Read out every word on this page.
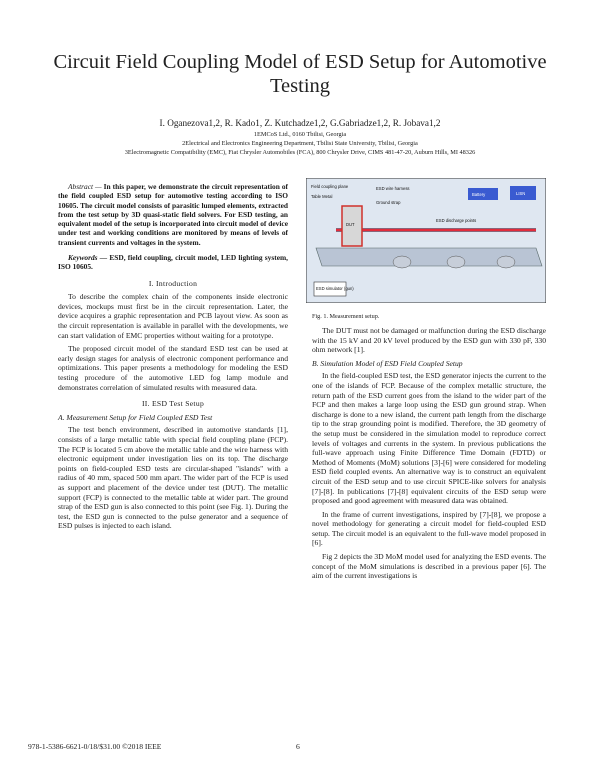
Circuit Field Coupling Model of ESD Setup for Automotive Testing
I. Oganezova1,2, R. Kado1, Z. Kutchadze1,2, G.Gabriadze1,2, R. Jobava1,2
1EMCoS Ltd., 0160 Tbilisi, Georgia
2Electrical and Electronics Engineering Department, Tbilisi State University, Tbilisi, Georgia
3Electromagnetic Compatibility (EMC), Fiat Chrysler Automobiles (FCA), 800 Chrysler Drive, CIMS 481-47-20, Auburn Hills, MI 48326
Abstract — In this paper, we demonstrate the circuit representation of the field coupled ESD setup for automotive testing according to ISO 10605. The circuit model consists of parasitic lumped elements, extracted from the test setup by 3D quasi-static field solvers. For ESD testing, an equivalent model of the setup is incorporated into circuit model of device under test and working conditions are monitored by means of levels of transient currents and voltages in the system.
Keywords — ESD, field coupling, circuit model, LED lighting system, ISO 10605.
I. Introduction

To describe the complex chain of the components inside electronic devices, mockups must first be in the circuit representation. Later, the device acquires a graphic representation and PCB layout view. As soon as the circuit representation is available in parallel with the developments, we can start validation of EMC properties without waiting for a prototype.

The proposed circuit model of the standard ESD test can be used at early design stages for analysis of electronic component performance and optimizations. This paper presents a methodology for modeling the ESD testing procedure of the automotive LED fog lamp module and demonstrates correlation of simulated results with measured data.

II. ESD Test Setup
A. Measurement Setup for Field Coupled ESD Test

The test bench environment, described in automotive standards [1], consists of a large metallic table with special field coupling plane (FCP). The FCP is located 5 cm above the metallic table and the wire harness with electronic equipment under investigation lies on its top. The discharge points on field-coupled ESD tests are circular-shaped "islands" with a radius of 40 mm, spaced 500 mm apart. The wider part of the FCP is used as support and placement of the device under test (DUT). The metallic support (FCP) is connected to the metallic table at wider part. The ground strap of the ESD gun is also connected to this point (see Fig. 1). During the test, the ESD gun is connected to the pulse generator and a sequence of ESD pulses is injected to each island.

Field coupling plane
Table Metal
ESD wire harness
Ground strap
DUT
Battery	LISN
ESD discharge points
ESD simulator (gun)
Fig. 1. Measurement setup.

The DUT must not be damaged or malfunction during the ESD discharge with the 15 kV and 20 kV level produced by the ESD gun with 330 pF, 330 ohm network [1].

B. Simulation Model of ESD Field Coupled Setup

In the field-coupled ESD test, the ESD generator injects the current to the one of the islands of FCP. Because of the complex metallic structure, the return path of the ESD current goes from the island to the wider part of the FCP and then makes a large loop using the ESD gun ground strap. When discharge is done to a new island, the current path length from the discharge tip to the strap grounding point is modified. Therefore, the 3D geometry of the setup must be considered in the simulation model to reproduce correct levels of voltages and currents in the system. In previous publications the full-wave approach using Finite Difference Time Domain (FDTD) or Method of Moments (MoM) solutions [3]-[6] were considered for modeling ESD field coupled events. An alternative way is to construct an equivalent circuit of the ESD setup and to use circuit SPICE-like solvers for analysis [7]-[8]. In publications [7]-[8] equivalent circuits of the ESD setup were proposed and good agreement with measured data was obtained.

In the frame of current investigations, inspired by [7]-[8], we propose a novel methodology for generating a circuit model for field-coupled ESD setup. The circuit model is an equivalent to the full-wave model proposed in [6].

Fig 2 depicts the 3D MoM model used for analyzing the ESD events. The concept of the MoM simulations is described in a previous paper [6]. The aim of the current investigations is

978-1-5386-6621-0/18/$31.00 ©2018 IEEE	6
